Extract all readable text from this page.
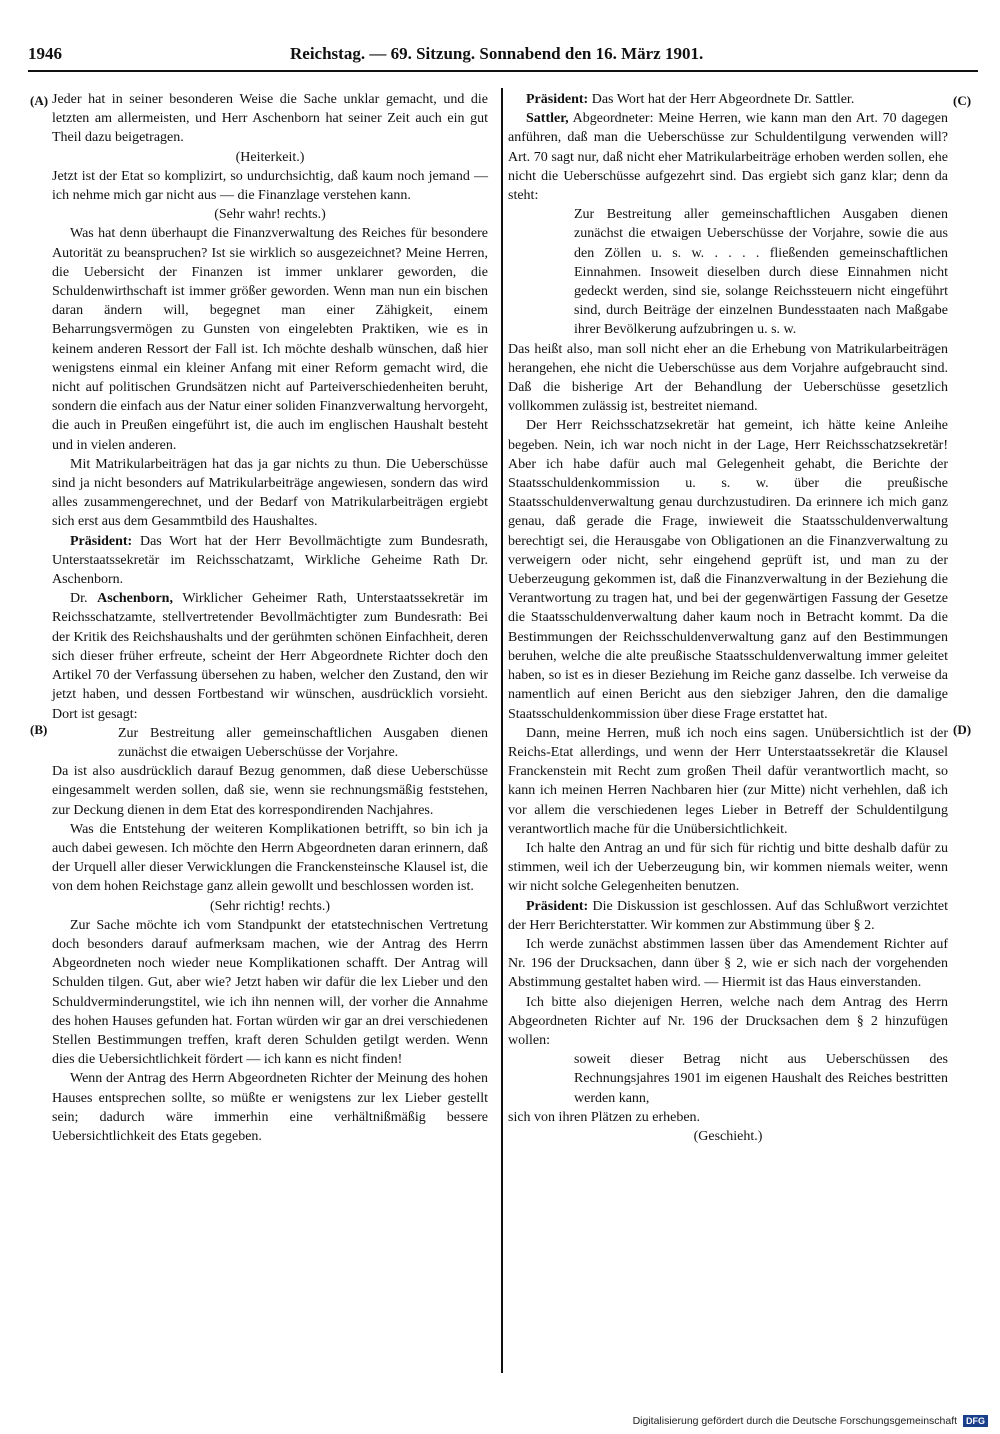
1946	Reichstag. — 69. Sitzung. Sonnabend den 16. März 1901.
(A)
(B)
(C)
(D)

Jeder hat in seiner besonderen Weise die Sache unklar gemacht, und die letzten am allermeisten, und Herr Aschenborn hat seiner Zeit auch ein gut Theil dazu beigetragen.

(Heiterkeit.)

Jetzt ist der Etat so komplizirt, so undurchsichtig, daß kaum noch jemand — ich nehme mich gar nicht aus — die Finanzlage verstehen kann.

(Sehr wahr! rechts.)

Was hat denn überhaupt die Finanzverwaltung des Reiches für besondere Autorität zu beanspruchen? Ist sie wirklich so ausgezeichnet? Meine Herren, die Uebersicht der Finanzen ist immer unklarer geworden, die Schuldenwirthschaft ist immer größer geworden. Wenn man nun ein bischen daran ändern will, begegnet man einer Zähigkeit, einem Beharrungsvermögen zu Gunsten von eingelebten Praktiken, wie es in keinem anderen Ressort der Fall ist. Ich möchte deshalb wünschen, daß hier wenigstens einmal ein kleiner Anfang mit einer Reform gemacht wird, die nicht auf politischen Grundsätzen nicht auf Parteiverschiedenheiten beruht, sondern die einfach aus der Natur einer soliden Finanzverwaltung hervorgeht, die auch in Preußen eingeführt ist, die auch im englischen Haushalt besteht und in vielen anderen.

Mit Matrikularbeiträgen hat das ja gar nichts zu thun. Die Ueberschüsse sind ja nicht besonders auf Matrikularbeiträge angewiesen, sondern das wird alles zusammengerechnet, und der Bedarf von Matrikularbeiträgen ergiebt sich erst aus dem Gesammtbild des Haushaltes.

Präsident: Das Wort hat der Herr Bevollmächtigte zum Bundesrath, Unterstaatssekretär im Reichsschatzamt, Wirkliche Geheime Rath Dr. Aschenborn.

Dr. Aschenborn, Wirklicher Geheimer Rath, Unterstaatssekretär im Reichsschatzamte, stellvertretender Bevollmächtigter zum Bundesrath: Bei der Kritik des Reichshaushalts und der gerühmten schönen Einfachheit, deren sich dieser früher erfreute, scheint der Herr Abgeordnete Richter doch den Artikel 70 der Verfassung übersehen zu haben, welcher den Zustand, den wir jetzt haben, und dessen Fortbestand wir wünschen, ausdrücklich vorsieht. Dort ist gesagt:

Zur Bestreitung aller gemeinschaftlichen Ausgaben dienen zunächst die etwaigen Ueberschüsse der Vorjahre.

Da ist also ausdrücklich darauf Bezug genommen, daß diese Ueberschüsse eingesammelt werden sollen, daß sie, wenn sie rechnungsmäßig feststehen, zur Deckung dienen in dem Etat des korrespondirenden Nachjahres.

Was die Entstehung der weiteren Komplikationen betrifft, so bin ich ja auch dabei gewesen. Ich möchte den Herrn Abgeordneten daran erinnern, daß der Urquell aller dieser Verwicklungen die Franckensteinsche Klausel ist, die von dem hohen Reichstage ganz allein gewollt und beschlossen worden ist.

(Sehr richtig! rechts.)

Zur Sache möchte ich vom Standpunkt der etatstechnischen Vertretung doch besonders darauf aufmerksam machen, wie der Antrag des Herrn Abgeordneten noch wieder neue Komplikationen schafft. Der Antrag will Schulden tilgen. Gut, aber wie? Jetzt haben wir dafür die lex Lieber und den Schuldverminderungstitel, wie ich ihn nennen will, der vorher die Annahme des hohen Hauses gefunden hat. Fortan würden wir gar an drei verschiedenen Stellen Bestimmungen treffen, kraft deren Schulden getilgt werden. Wenn dies die Uebersichtlichkeit fördert — ich kann es nicht finden!

Wenn der Antrag des Herrn Abgeordneten Richter der Meinung des hohen Hauses entsprechen sollte, so müßte er wenigstens zur lex Lieber gestellt sein; dadurch wäre immerhin eine verhältnißmäßig bessere Uebersichtlichkeit des Etats gegeben.

Präsident: Das Wort hat der Herr Abgeordnete Dr. Sattler.

Sattler, Abgeordneter: Meine Herren, wie kann man den Art. 70 dagegen anführen, daß man die Ueberschüsse zur Schuldentilgung verwenden will? Art. 70 sagt nur, daß nicht eher Matrikularbeiträge erhoben werden sollen, ehe nicht die Ueberschüsse aufgezehrt sind. Das ergiebt sich ganz klar; denn da steht:

Zur Bestreitung aller gemeinschaftlichen Ausgaben dienen zunächst die etwaigen Ueberschüsse der Vorjahre, sowie die aus den Zöllen u. s. w. . . . . fließenden gemeinschaftlichen Einnahmen. Insoweit dieselben durch diese Einnahmen nicht gedeckt werden, sind sie, solange Reichssteuern nicht eingeführt sind, durch Beiträge der einzelnen Bundesstaaten nach Maßgabe ihrer Bevölkerung aufzubringen u. s. w.

Das heißt also, man soll nicht eher an die Erhebung von Matrikularbeiträgen herangehen, ehe nicht die Ueberschüsse aus dem Vorjahre aufgebraucht sind. Daß die bisherige Art der Behandlung der Ueberschüsse gesetzlich vollkommen zulässig ist, bestreitet niemand.

Der Herr Reichsschatzsekretär hat gemeint, ich hätte keine Anleihe begeben. Nein, ich war noch nicht in der Lage, Herr Reichsschatzsekretär! Aber ich habe dafür auch mal Gelegenheit gehabt, die Berichte der Staatsschuldenkommission u. s. w. über die preußische Staatsschuldenverwaltung genau durchzustudiren. Da erinnere ich mich ganz genau, daß gerade die Frage, inwieweit die Staatsschuldenverwaltung berechtigt sei, die Herausgabe von Obligationen an die Finanzverwaltung zu verweigern oder nicht, sehr eingehend geprüft ist, und man zu der Ueberzeugung gekommen ist, daß die Finanzverwaltung in der Beziehung die Verantwortung zu tragen hat, und bei der gegenwärtigen Fassung der Gesetze die Staatsschuldenverwaltung daher kaum noch in Betracht kommt. Da die Bestimmungen der Reichsschuldenverwaltung ganz auf den Bestimmungen beruhen, welche die alte preußische Staatsschuldenverwaltung immer geleitet haben, so ist es in dieser Beziehung im Reiche ganz dasselbe. Ich verweise da namentlich auf einen Bericht aus den siebziger Jahren, den die damalige Staatsschuldenkommission über diese Frage erstattet hat.

Dann, meine Herren, muß ich noch eins sagen. Unübersichtlich ist der Reichs-Etat allerdings, und wenn der Herr Unterstaatssekretär die Klausel Franckenstein mit Recht zum großen Theil dafür verantwortlich macht, so kann ich meinen Herren Nachbaren hier (zur Mitte) nicht verhehlen, daß ich vor allem die verschiedenen leges Lieber in Betreff der Schuldentilgung verantwortlich mache für die Unübersichtlichkeit.

Ich halte den Antrag an und für sich für richtig und bitte deshalb dafür zu stimmen, weil ich der Ueberzeugung bin, wir kommen niemals weiter, wenn wir nicht solche Gelegenheiten benutzen.

Präsident: Die Diskussion ist geschlossen. Auf das Schlußwort verzichtet der Herr Berichterstatter. Wir kommen zur Abstimmung über § 2.

Ich werde zunächst abstimmen lassen über das Amendement Richter auf Nr. 196 der Drucksachen, dann über § 2, wie er sich nach der vorgehenden Abstimmung gestaltet haben wird. — Hiermit ist das Haus einverstanden.

Ich bitte also diejenigen Herren, welche nach dem Antrag des Herrn Abgeordneten Richter auf Nr. 196 der Drucksachen dem § 2 hinzufügen wollen:

soweit dieser Betrag nicht aus Ueberschüssen des Rechnungsjahres 1901 im eigenen Haushalt des Reiches bestritten werden kann,

sich von ihren Plätzen zu erheben.

(Geschieht.)

Digitalisierung gefördert durch die Deutsche Forschungsgemeinschaft DFG
